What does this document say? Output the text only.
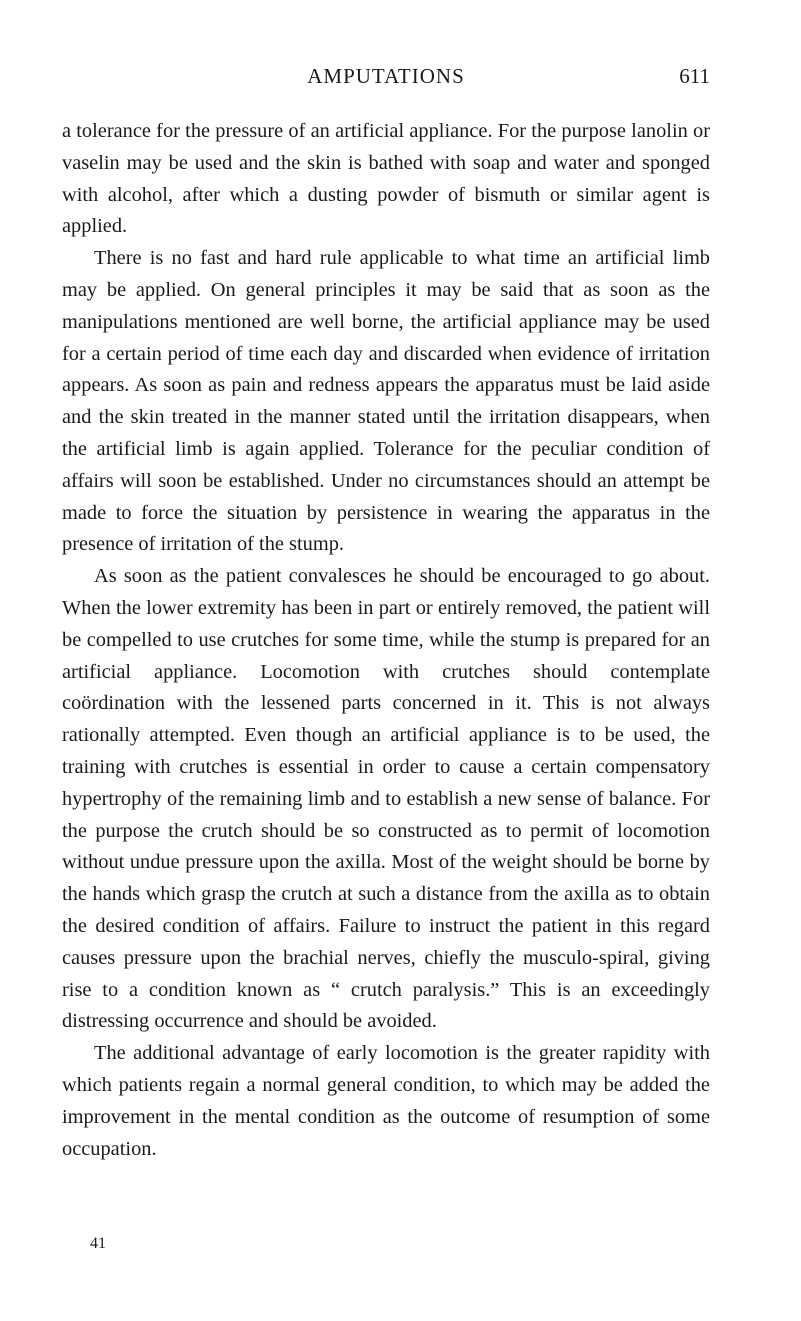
AMPUTATIONS	611

a tolerance for the pressure of an artificial appliance. For the purpose lanolin or vaselin may be used and the skin is bathed with soap and water and sponged with alcohol, after which a dusting powder of bismuth or similar agent is applied.

There is no fast and hard rule applicable to what time an artificial limb may be applied. On general principles it may be said that as soon as the manipulations mentioned are well borne, the artificial appliance may be used for a certain period of time each day and discarded when evidence of irritation appears. As soon as pain and redness appears the apparatus must be laid aside and the skin treated in the manner stated until the irritation disappears, when the artificial limb is again applied. Tolerance for the peculiar condition of affairs will soon be established. Under no circumstances should an attempt be made to force the situation by persistence in wearing the apparatus in the presence of irritation of the stump.

As soon as the patient convalesces he should be encouraged to go about. When the lower extremity has been in part or entirely removed, the patient will be compelled to use crutches for some time, while the stump is prepared for an artificial appliance. Locomotion with crutches should contemplate coördination with the lessened parts concerned in it. This is not always rationally attempted. Even though an artificial appliance is to be used, the training with crutches is essential in order to cause a certain compensatory hypertrophy of the remaining limb and to establish a new sense of balance. For the purpose the crutch should be so constructed as to permit of locomotion without undue pressure upon the axilla. Most of the weight should be borne by the hands which grasp the crutch at such a distance from the axilla as to obtain the desired condition of affairs. Failure to instruct the patient in this regard causes pressure upon the brachial nerves, chiefly the musculo-spiral, giving rise to a condition known as “ crutch paralysis.” This is an exceedingly distressing occurrence and should be avoided.

The additional advantage of early locomotion is the greater rapidity with which patients regain a normal general condition, to which may be added the improvement in the mental condition as the outcome of resumption of some occupation.

41
